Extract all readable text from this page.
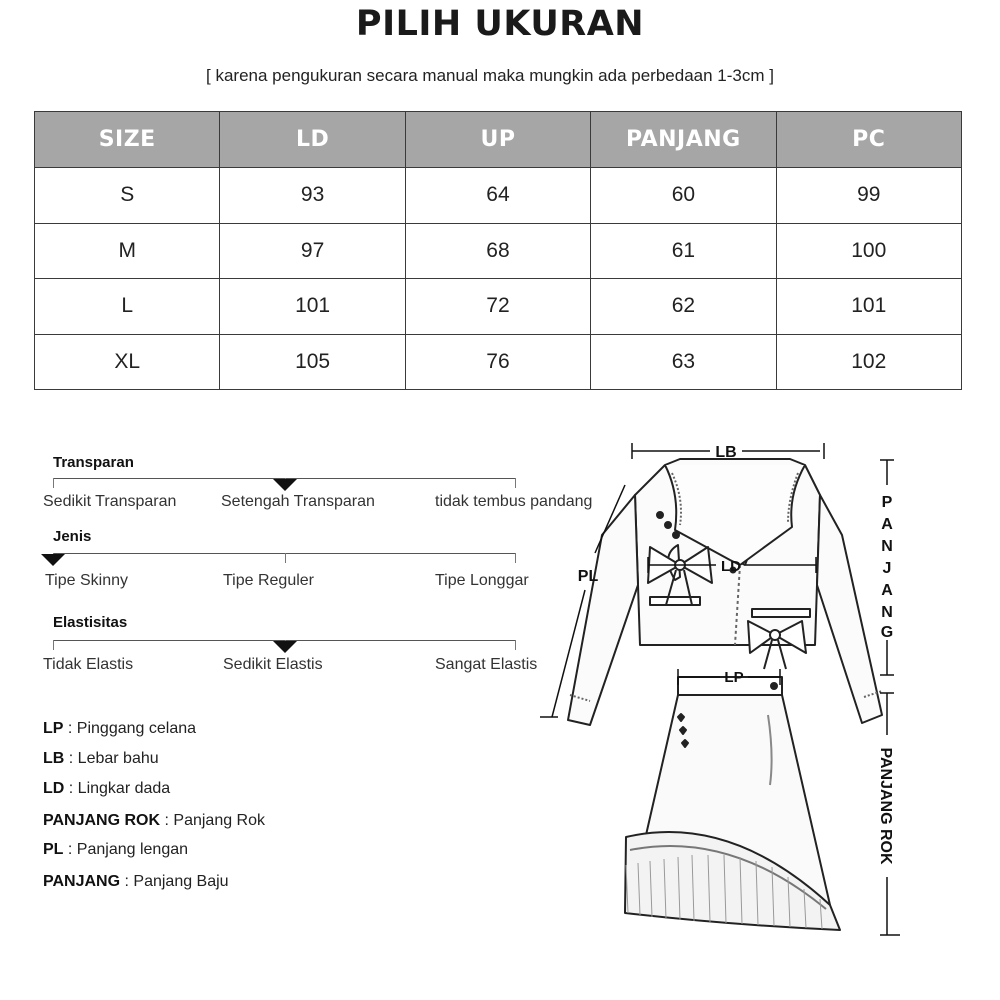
PILIH UKURAN
[ karena pengukuran secara manual maka mungkin ada perbedaan 1-3cm ]
SIZE	LD	UP	PANJANG	PC
S	93	64	60	99
M	97	68	61	100
L	101	72	62	101
XL	105	76	63	102
Transparan
Sedikit Transparan	Setengah Transparan	tidak tembus pandang
Jenis
Tipe Skinny	Tipe Reguler	Tipe Longgar
Elastisitas
Tidak Elastis	Sedikit Elastis	Sangat Elastis
LP : Pinggang celana
LB : Lebar bahu
LD : Lingkar dada
PANJANG ROK : Panjang Rok
PL : Panjang lengan
PANJANG : Panjang Baju
LB
LD
PL
LP
P
A
N
J
A
N
G
PANJANG ROK
